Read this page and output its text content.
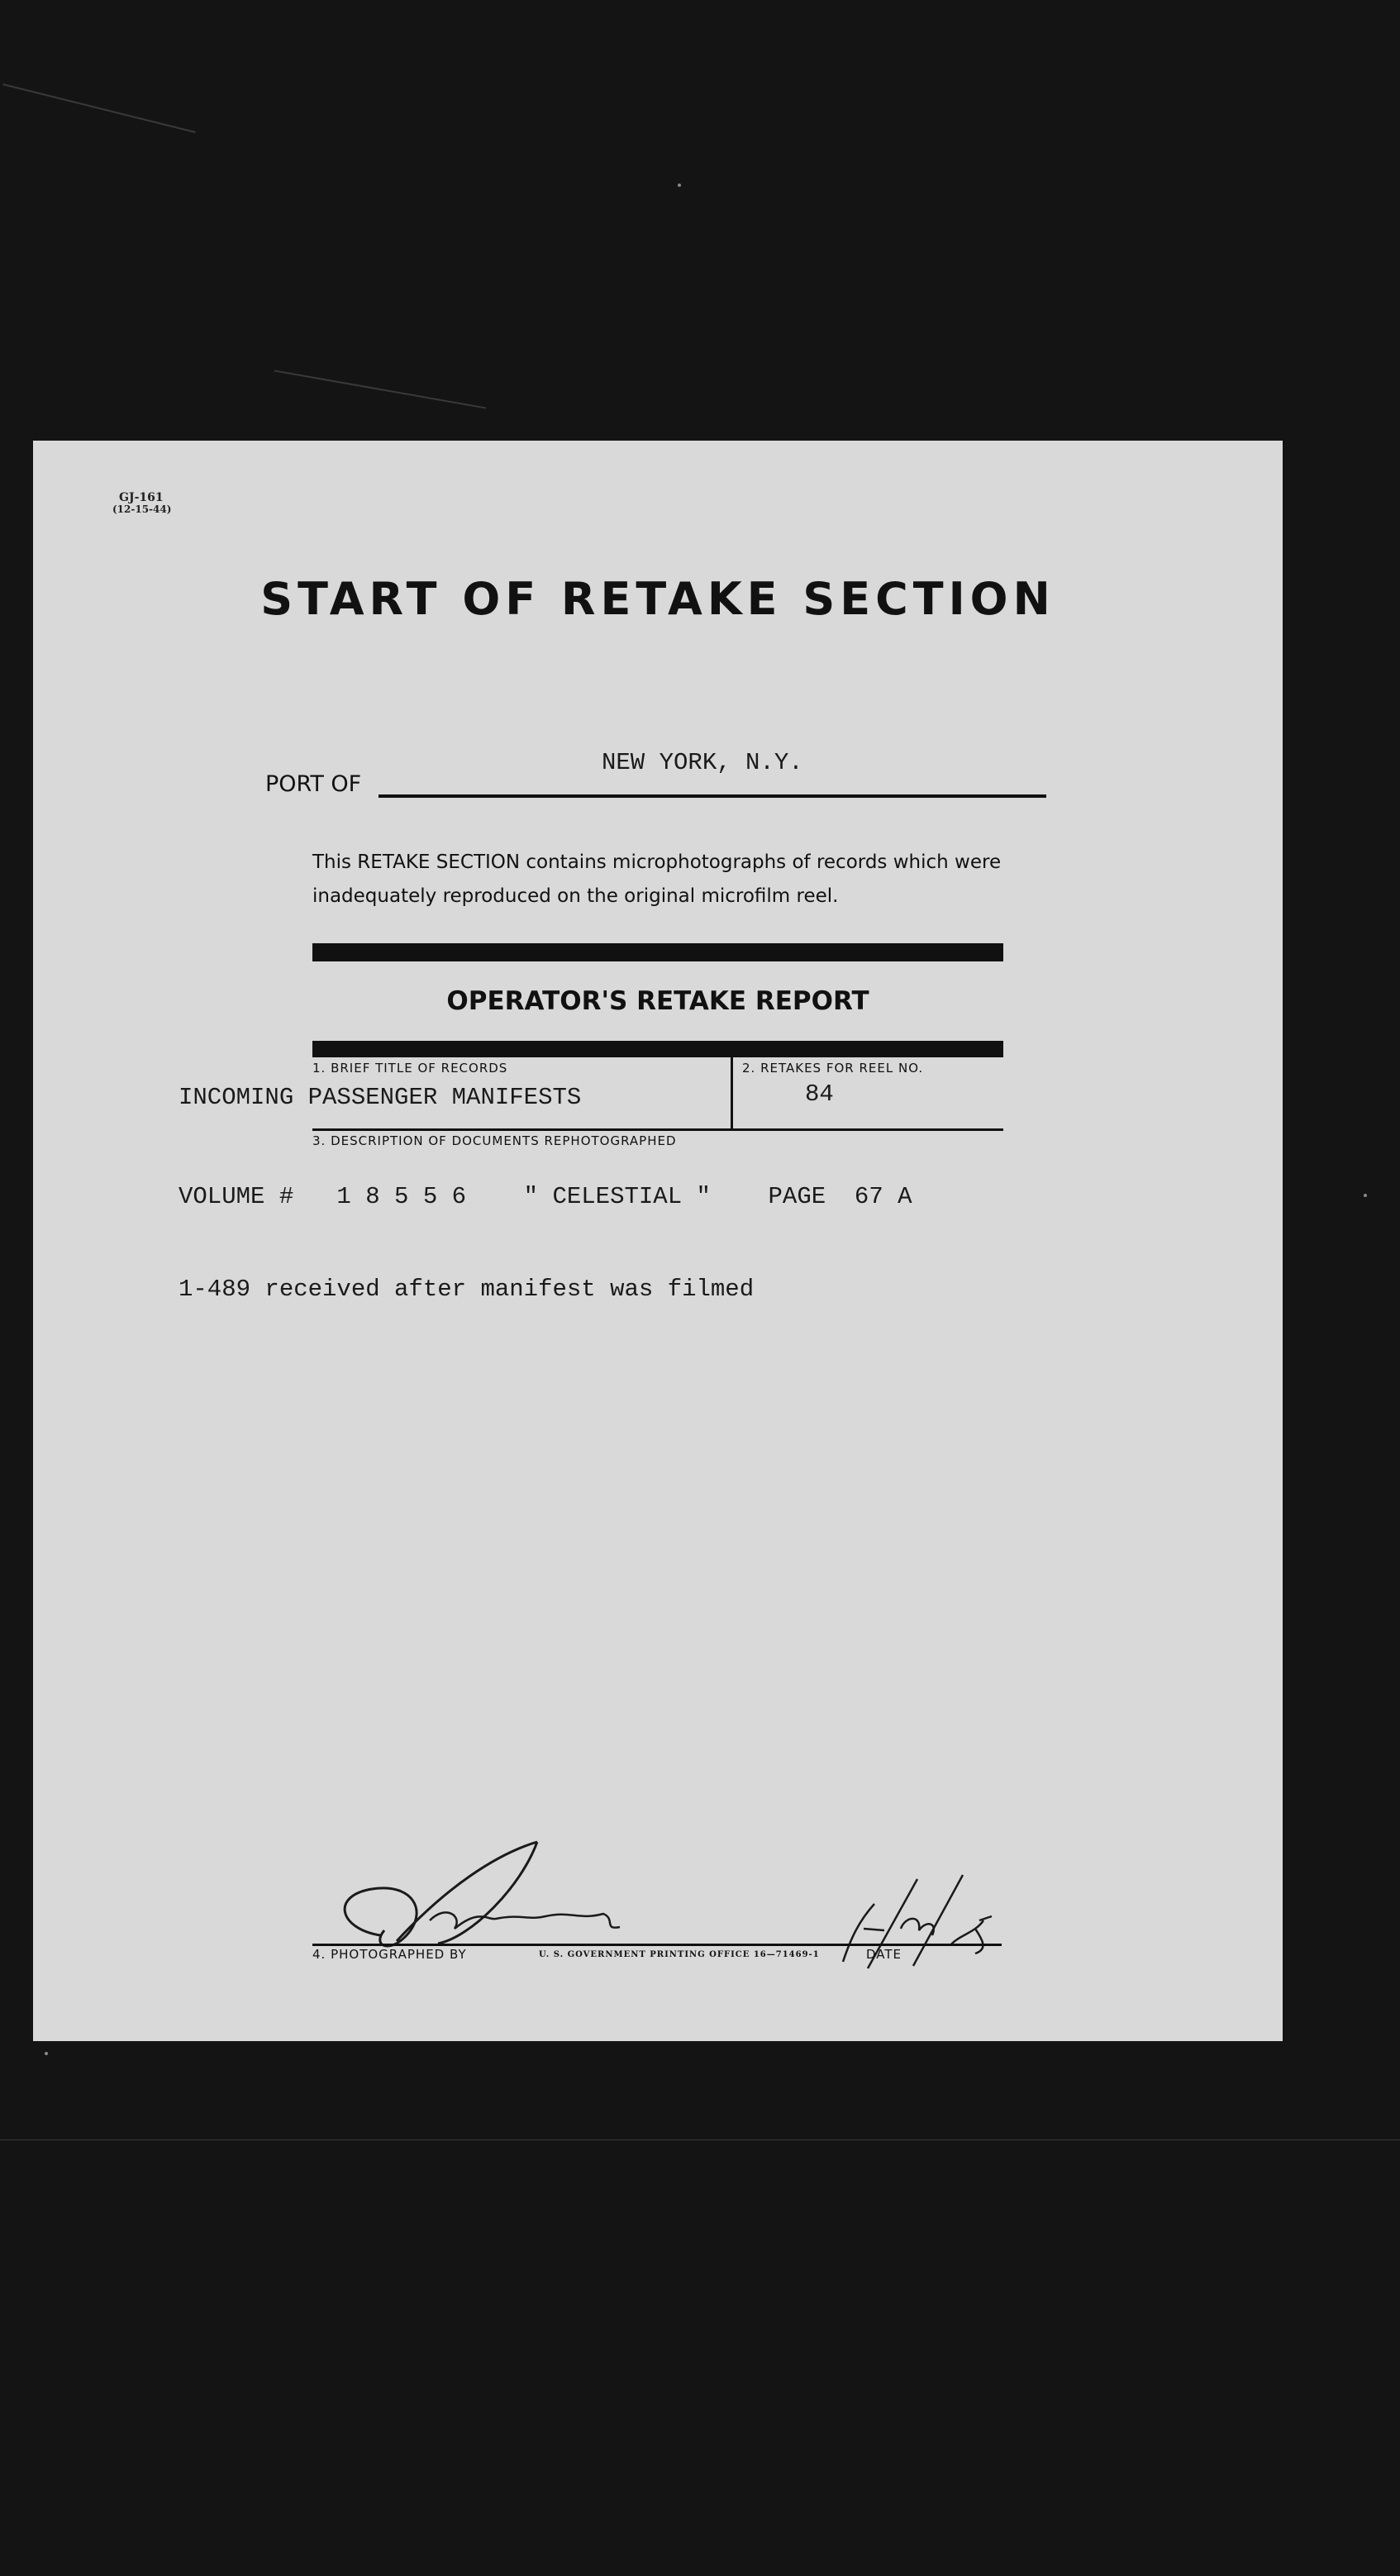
GJ-161
(12-15-44)
START OF RETAKE SECTION
PORT OF
NEW YORK, N.Y.
This RETAKE SECTION contains microphotographs of records which were inadequately reproduced on the original microfilm reel.
OPERATOR'S RETAKE REPORT
1. BRIEF TITLE OF RECORDS	2. RETAKES FOR REEL NO.
INCOMING PASSENGER MANIFESTS	84
3. DESCRIPTION OF DOCUMENTS REPHOTOGRAPHED
VOLUME #   1 8 5 5 6    " CELESTIAL "    PAGE  67 A
1-489 received after manifest was filmed
4. PHOTOGRAPHED BY	U. S. GOVERNMENT PRINTING OFFICE 16—71469-1	DATE
